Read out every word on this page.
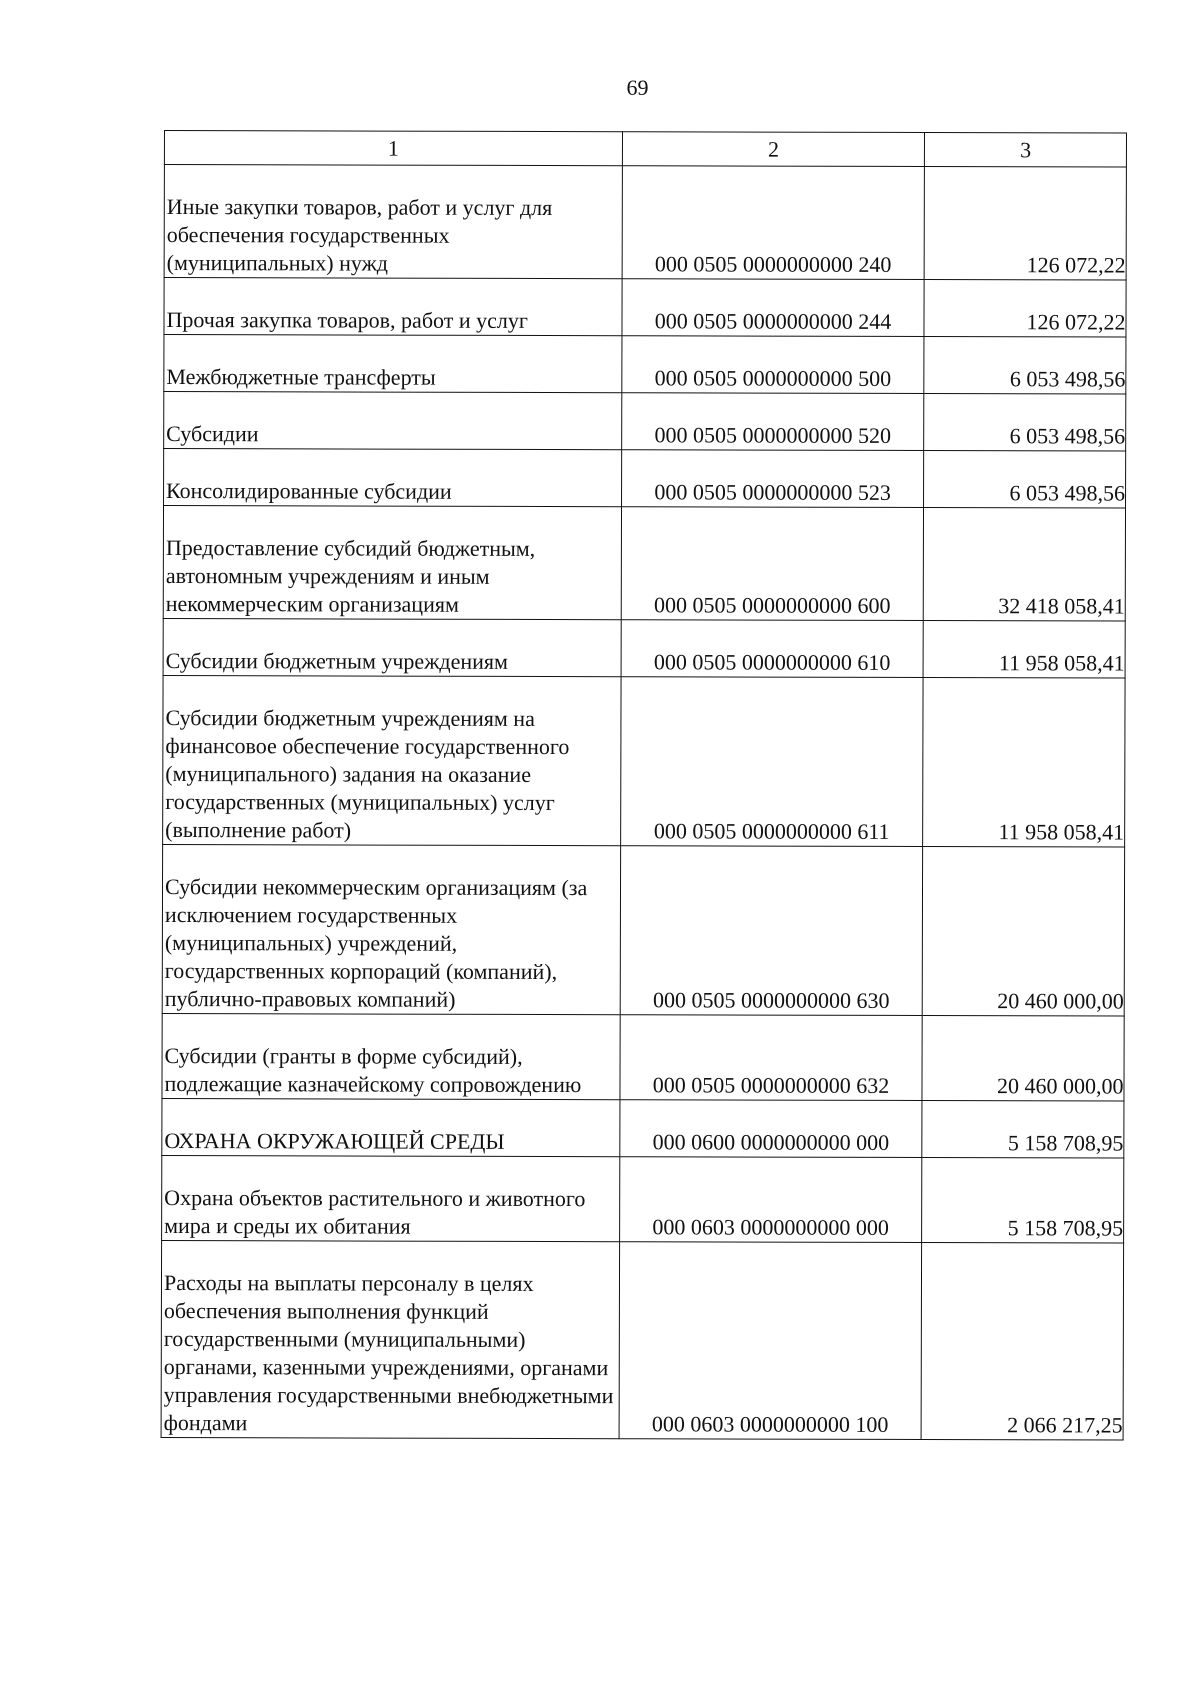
69
1	2	3
Иные закупки товаров, работ и услуг для обеспечения государственных (муниципальных) нужд	000 0505 0000000000 240	126 072,22
Прочая закупка товаров, работ и услуг	000 0505 0000000000 244	126 072,22
Межбюджетные трансферты	000 0505 0000000000 500	6 053 498,56
Субсидии	000 0505 0000000000 520	6 053 498,56
Консолидированные субсидии	000 0505 0000000000 523	6 053 498,56
Предоставление субсидий бюджетным, автономным учреждениям и иным некоммерческим организациям	000 0505 0000000000 600	32 418 058,41
Субсидии бюджетным учреждениям	000 0505 0000000000 610	11 958 058,41
Субсидии бюджетным учреждениям на финансовое обеспечение государственного (муниципального) задания на оказание государственных (муниципальных) услуг (выполнение работ)	000 0505 0000000000 611	11 958 058,41
Субсидии некоммерческим организациям (за исключением государственных (муниципальных) учреждений, государственных корпораций (компаний), публично-правовых компаний)	000 0505 0000000000 630	20 460 000,00
Субсидии (гранты в форме субсидий), подлежащие казначейскому сопровождению	000 0505 0000000000 632	20 460 000,00
ОХРАНА ОКРУЖАЮЩЕЙ СРЕДЫ	000 0600 0000000000 000	5 158 708,95
Охрана объектов растительного и животного мира и среды их обитания	000 0603 0000000000 000	5 158 708,95
Расходы на выплаты персоналу в целях обеспечения выполнения функций государственными (муниципальными) органами, казенными учреждениями, органами управления государственными внебюджетными фондами	000 0603 0000000000 100	2 066 217,25
